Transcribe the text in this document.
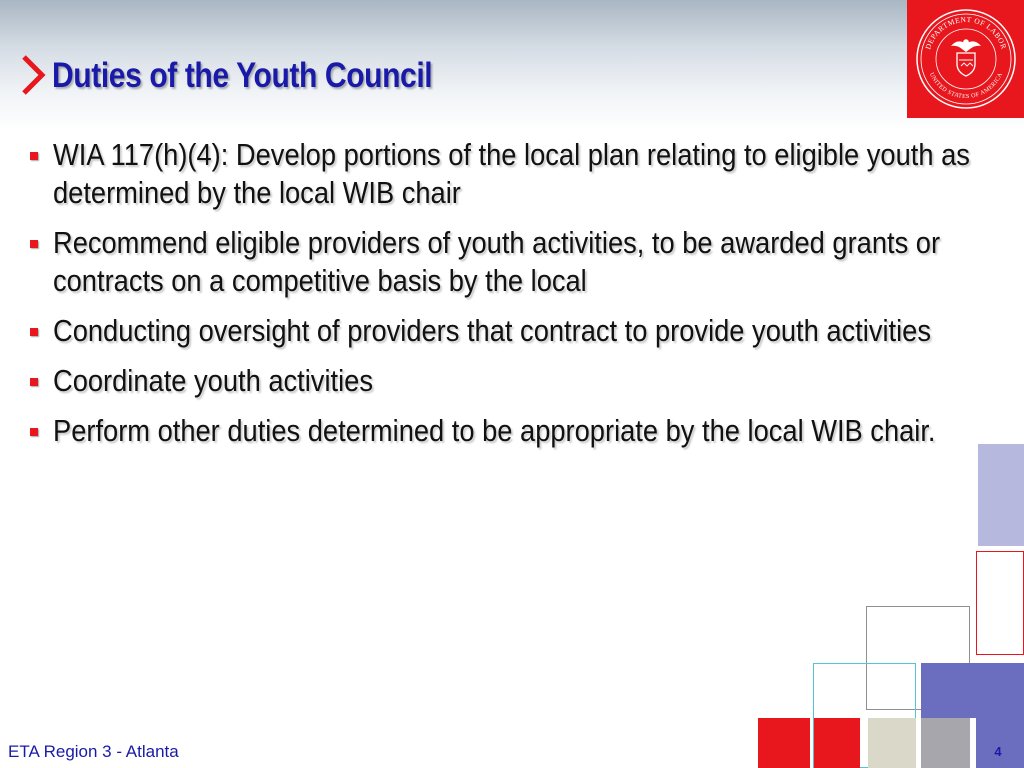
Duties of the Youth Council
DEPARTMENT OF LABOR
UNITED STATES OF AMERICA
WIA 117(h)(4): Develop portions of the local plan relating to eligible youth as determined by the local WIB chair
Recommend eligible providers of youth activities, to be awarded grants or contracts on a competitive basis by the local
Conducting oversight of providers that contract to provide youth activities
Coordinate youth activities
Perform other duties determined to be appropriate by the local WIB chair.

ETA Region 3 - Atlanta	4
